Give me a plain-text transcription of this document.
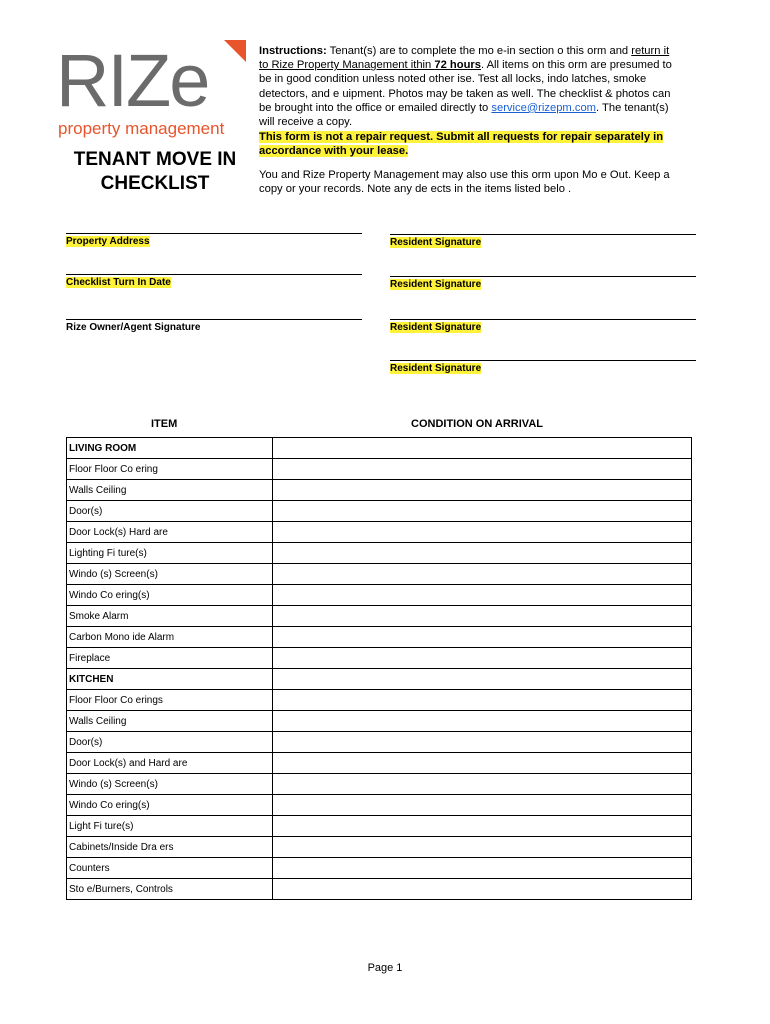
RIZe
property management
TENANT MOVE IN
CHECKLIST
Instructions: Tenant(s) are to complete the mo e-in section o this orm and return it to Rize Property Management ithin 72 hours. All items on this orm are presumed to be in good condition unless noted other ise. Test all locks, indo latches, smoke detectors, and e uipment. Photos may be taken as well. The checklist & photos can be brought into the office or emailed directly to service@rizepm.com. The tenant(s) will receive a copy.
This form is not a repair request. Submit all requests for repair separately in accordance with your lease.
You and Rize Property Management may also use this orm upon Mo e Out. Keep a copy or your records. Note any de ects in the items listed belo .
Property Address	Resident Signature
Checklist Turn In Date	Resident Signature
Rize Owner/Agent Signature	Resident Signature
Resident Signature
ITEM	CONDITION ON ARRIVAL
LIVING ROOM	
Floor Floor Co ering	
Walls Ceiling	
Door(s)	
Door Lock(s) Hard are	
Lighting Fi ture(s)	
Windo (s) Screen(s)	
Windo Co ering(s)	
Smoke Alarm	
Carbon Mono ide Alarm	
Fireplace	
KITCHEN	
Floor Floor Co erings	
Walls Ceiling	
Door(s)	
Door Lock(s) and Hard are	
Windo (s) Screen(s)	
Windo Co ering(s)	
Light Fi ture(s)	
Cabinets/Inside Dra ers	
Counters	
Sto e/Burners, Controls	
Page 1
